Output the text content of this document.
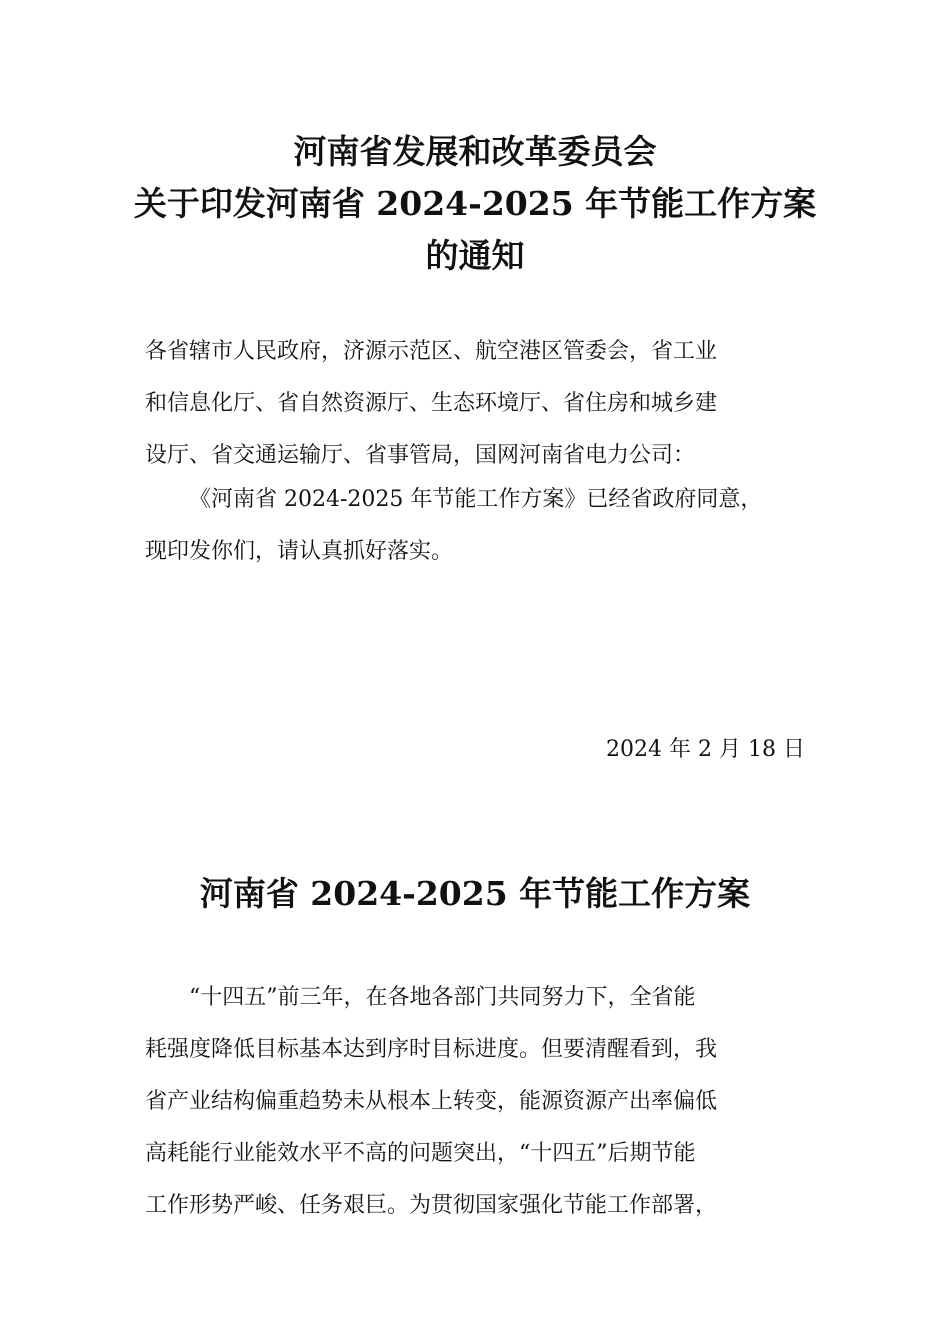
河南省发展和改革委员会
关于印发河南省 2024-2025 年节能工作方案
的通知
各省辖市人民政府，济源示范区、航空港区管委会，省工业
和信息化厅、省自然资源厅、生态环境厅、省住房和城乡建
设厅、省交通运输厅、省事管局，国网河南省电力公司：
《河南省 2024-2025 年节能工作方案》已经省政府同意，
现印发你们，请认真抓好落实。
2024 年 2 月 18 日
河南省 2024-2025 年节能工作方案
“十四五”前三年，在各地各部门共同努力下，全省能
耗强度降低目标基本达到序时目标进度。但要清醒看到，我
省产业结构偏重趋势未从根本上转变，能源资源产出率偏低
高耗能行业能效水平不高的问题突出，“十四五”后期节能
工作形势严峻、任务艰巨。为贯彻国家强化节能工作部署，
